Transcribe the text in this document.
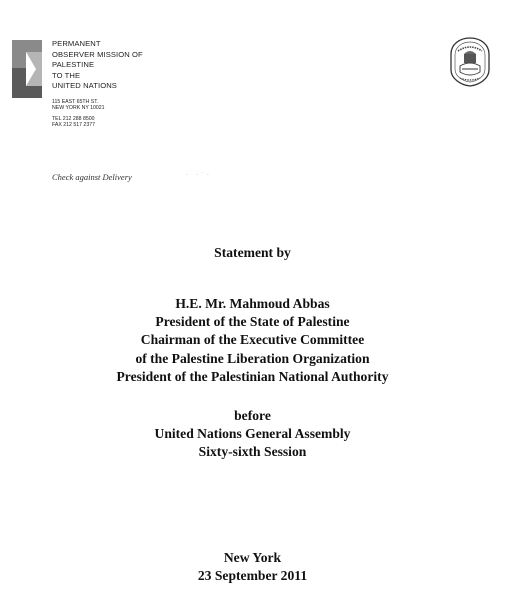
PERMANENT
OBSERVER MISSION OF
PALESTINE
TO THE
UNITED NATIONS
115 EAST 65TH ST.
NEW YORK NY 10021
TEL 212 288 8500
FAX 212 517 2377
Check against Delivery	· ·˙·
Statement by
H.E. Mr. Mahmoud Abbas
President of the State of Palestine
Chairman of the Executive Committee
of the Palestine Liberation Organization
President of the Palestinian National Authority
before
United Nations General Assembly
Sixty-sixth Session
New York
23 September 2011
